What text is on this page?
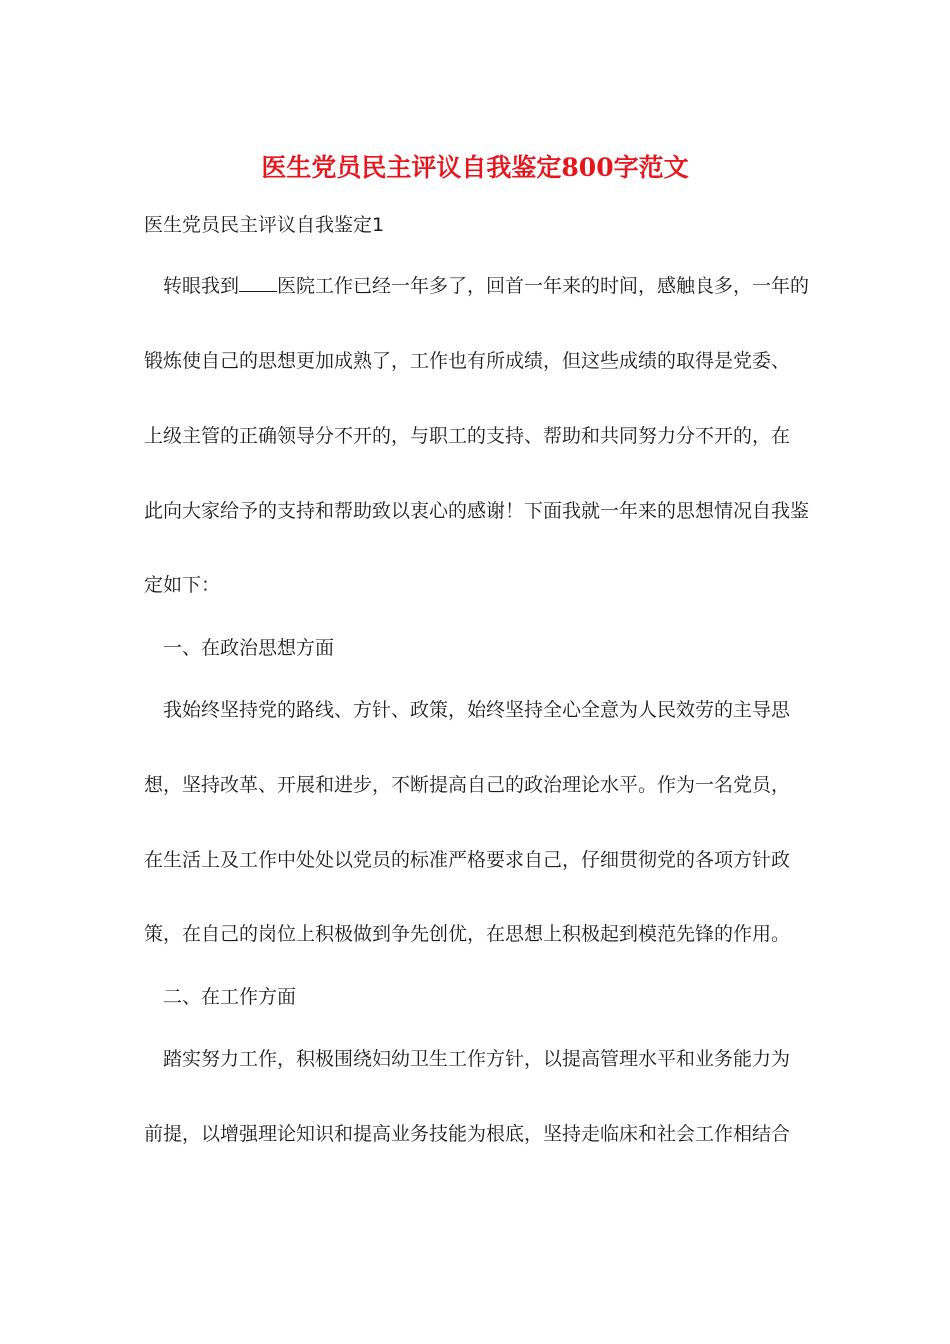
医生党员民主评议自我鉴定800字范文

医生党员民主评议自我鉴定1

转眼我到 医院工作已经一年多了，回首一年来的时间，感触良多，一年的

锻炼使自己的思想更加成熟了，工作也有所成绩，但这些成绩的取得是党委、

上级主管的正确领导分不开的，与职工的支持、帮助和共同努力分不开的，在

此向大家给予的支持和帮助致以衷心的感谢！下面我就一年来的思想情况自我鉴

定如下：

一、在政治思想方面

我始终坚持党的路线、方针、政策，始终坚持全心全意为人民效劳的主导思

想，坚持改革、开展和进步，不断提高自己的政治理论水平。作为一名党员，

在生活上及工作中处处以党员的标准严格要求自己，仔细贯彻党的各项方针政

策，在自己的岗位上积极做到争先创优，在思想上积极起到模范先锋的作用。

二、在工作方面

踏实努力工作，积极围绕妇幼卫生工作方针，以提高管理水平和业务能力为

前提，以增强理论知识和提高业务技能为根底，坚持走临床和社会工作相结合
